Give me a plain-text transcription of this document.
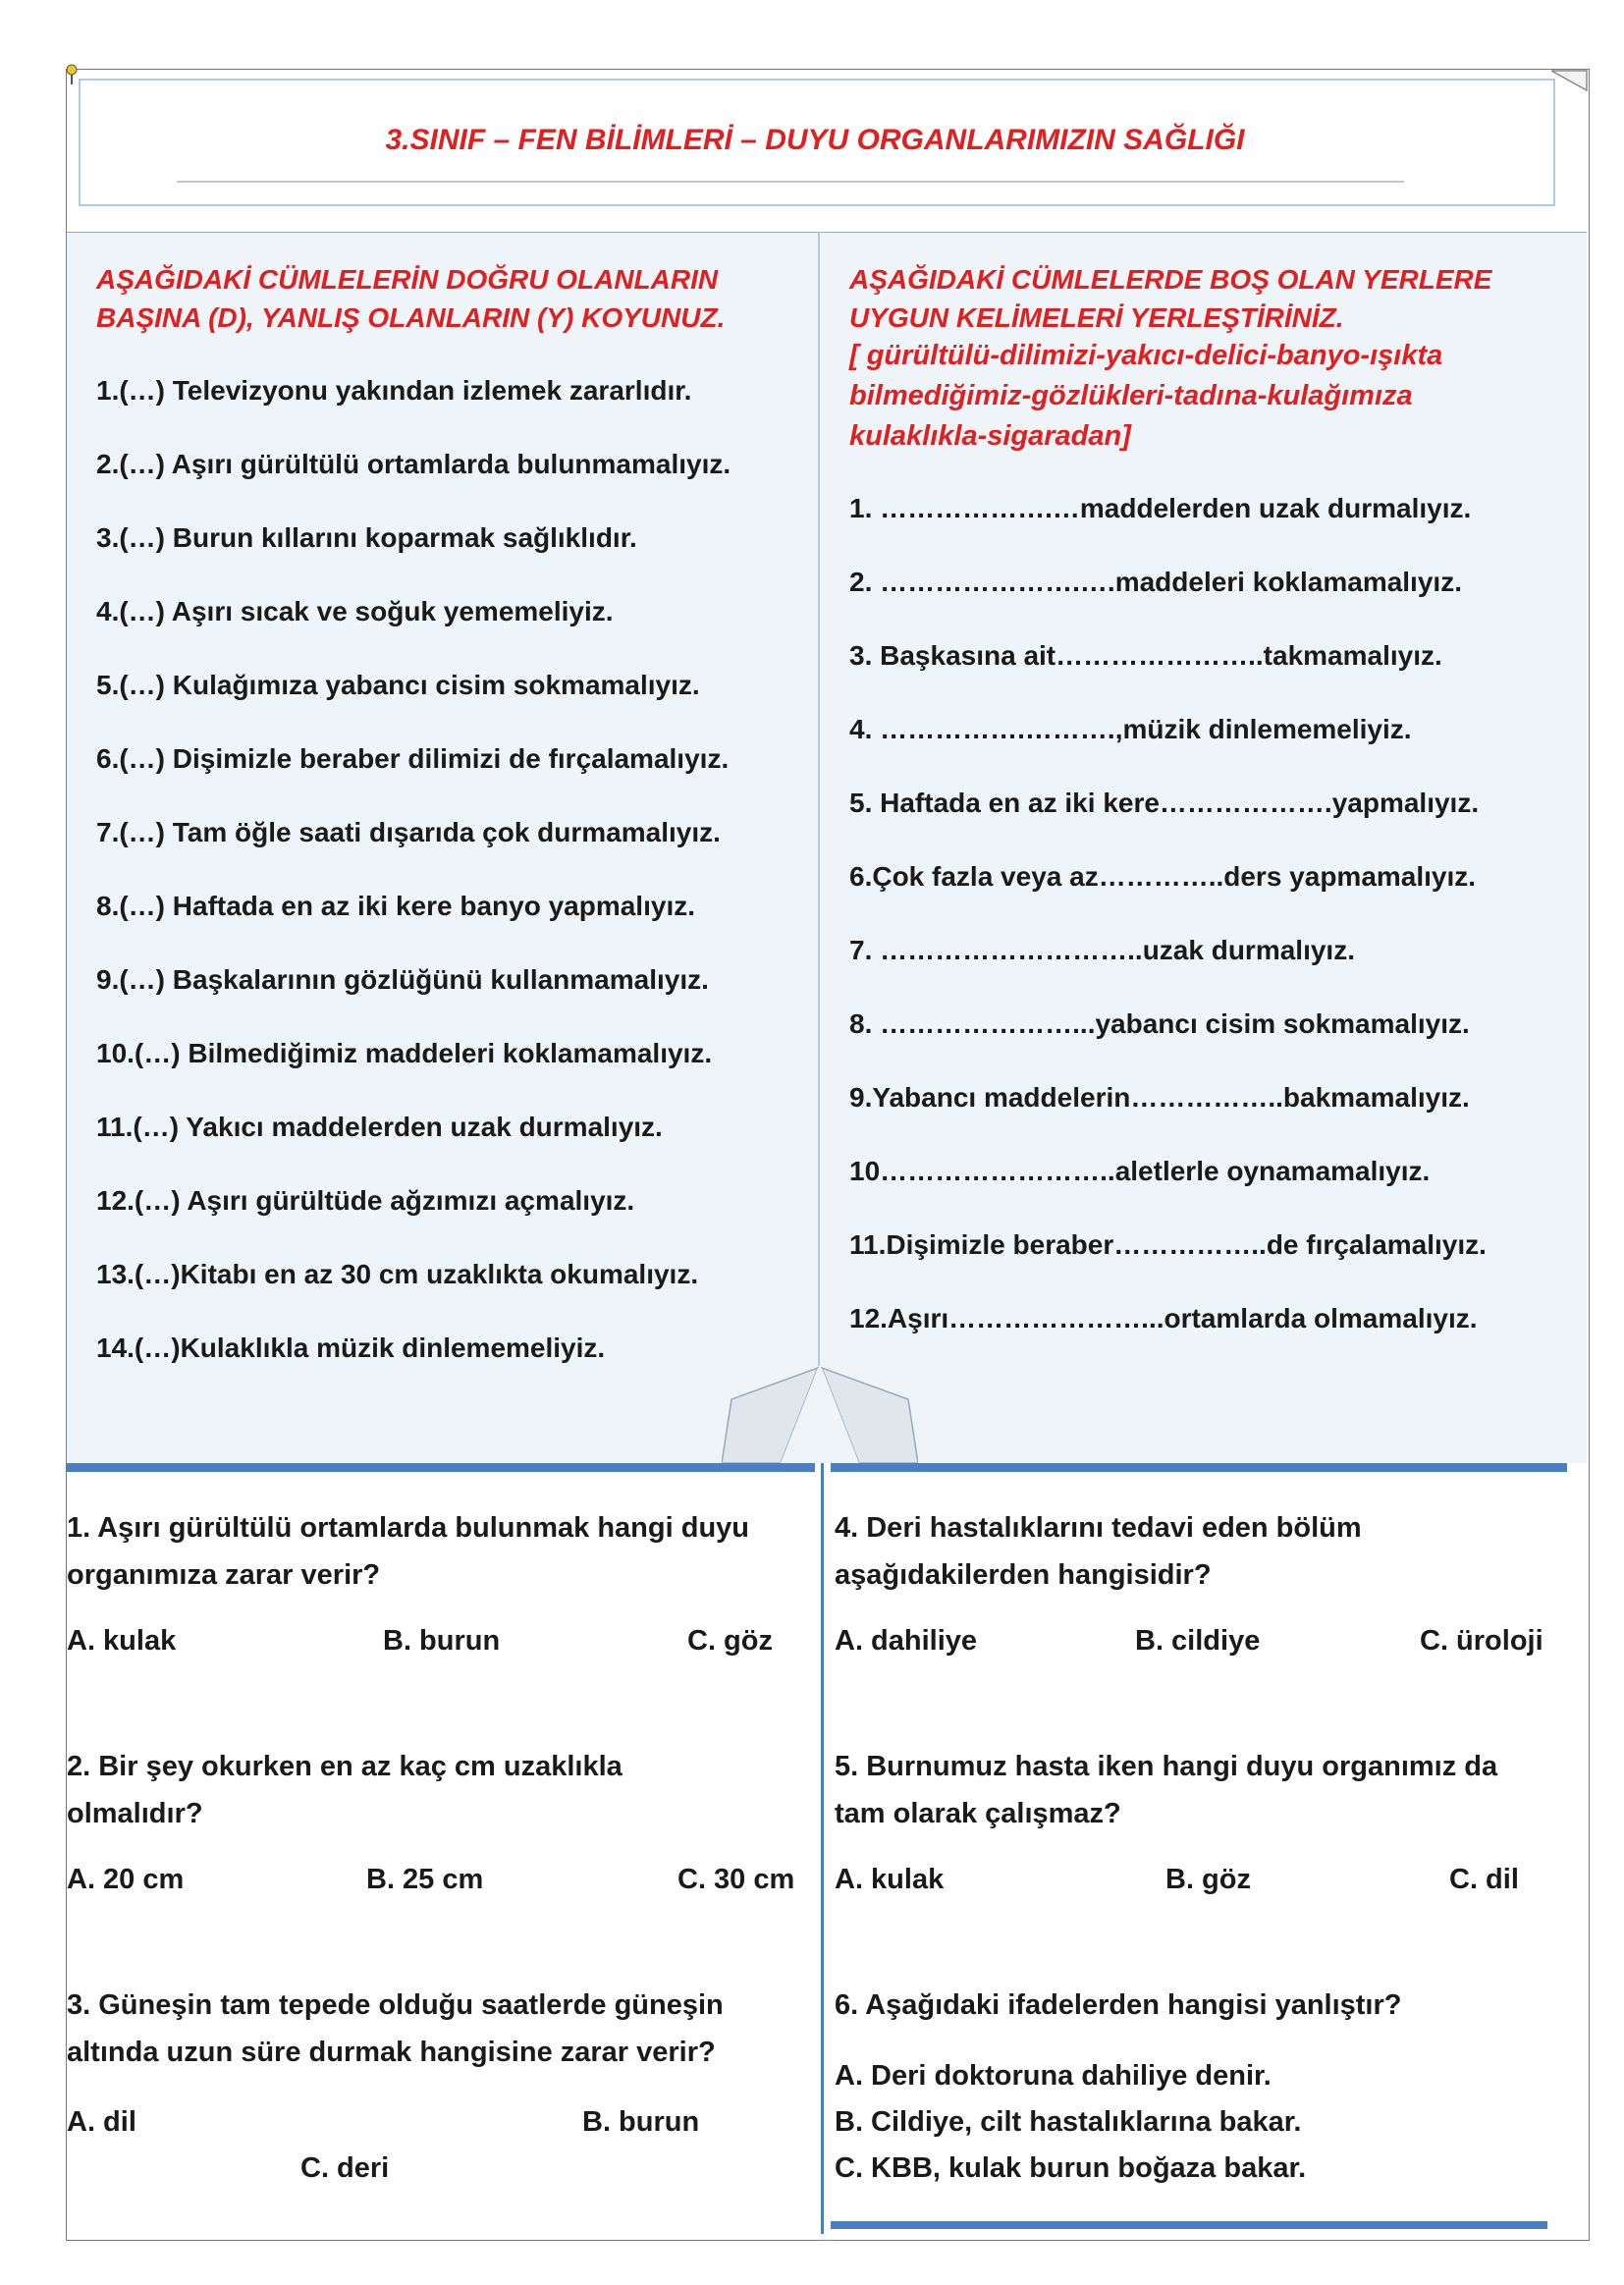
3.SINIF – FEN BİLİMLERİ – DUYU ORGANLARIMIZIN SAĞLIĞI
AŞAĞIDAKİ CÜMLELERİN DOĞRU OLANLARIN BAŞINA (D), YANLIŞ OLANLARIN (Y) KOYUNUZ.
1.(…) Televizyonu yakından izlemek zararlıdır.
2.(…) Aşırı gürültülü ortamlarda bulunmamalıyız.
3.(…) Burun kıllarını koparmak sağlıklıdır.
4.(…) Aşırı sıcak ve soğuk yememeliyiz.
5.(…) Kulağımıza yabancı cisim sokmamalıyız.
6.(…) Dişimizle beraber dilimizi de fırçalamalıyız.
7.(…) Tam öğle saati dışarıda çok durmamalıyız.
8.(…) Haftada en az iki kere banyo yapmalıyız.
9.(…) Başkalarının gözlüğünü kullanmamalıyız.
10.(…) Bilmediğimiz maddeleri koklamamalıyız.
11.(…) Yakıcı maddelerden uzak durmalıyız.
12.(…) Aşırı gürültüde ağzımızı açmalıyız.
13.(…)Kitabı en az 30 cm uzaklıkta okumalıyız.
14.(…)Kulaklıkla müzik dinlememeliyiz.
AŞAĞIDAKİ CÜMLELERDE BOŞ OLAN YERLERE UYGUN KELİMELERİ YERLEŞTİRİNİZ.
[ gürültülü-dilimizi-yakıcı-delici-banyo-ışıkta bilmediğimiz-gözlükleri-tadına-kulağımıza kulaklıkla-sigaradan]
1. ……………….…maddelerden uzak durmalıyız.
2. ………………….….maddeleri koklamamalıyız.
3. Başkasına ait…………………..takmamalıyız.
4. …………….……….,müzik dinlememeliyiz.
5. Haftada en az iki kere……………….yapmalıyız.
6.Çok fazla veya az…………..ders yapmamalıyız.
7. ………………………..uzak durmalıyız.
8. …………………...yabancı cisim sokmamalıyız.
9.Yabancı maddelerin……………..bakmamalıyız.
10……………………..aletlerle oynamamalıyız.
11.Dişimizle beraber……………..de fırçalamalıyız.
12.Aşırı…………………...ortamlarda olmamalıyız.
1. Aşırı gürültülü ortamlarda bulunmak hangi duyu
organımıza zarar verir?
A. kulak	B. burun	C. göz
2. Bir şey okurken en az kaç cm uzaklıkla
olmalıdır?
A. 20 cm	B. 25 cm	C. 30 cm
3. Güneşin tam tepede olduğu saatlerde güneşin
altında uzun süre durmak hangisine zarar verir?
A. dil	B. burun
C. deri
4. Deri hastalıklarını tedavi eden bölüm
aşağıdakilerden hangisidir?
A. dahiliye	B. cildiye	C. üroloji
5. Burnumuz hasta iken hangi duyu organımız da
tam olarak çalışmaz?
A. kulak	B. göz	C. dil
6. Aşağıdaki ifadelerden hangisi yanlıştır?
A. Deri doktoruna dahiliye denir.
B. Cildiye, cilt hastalıklarına bakar.
C. KBB, kulak burun boğaza bakar.
